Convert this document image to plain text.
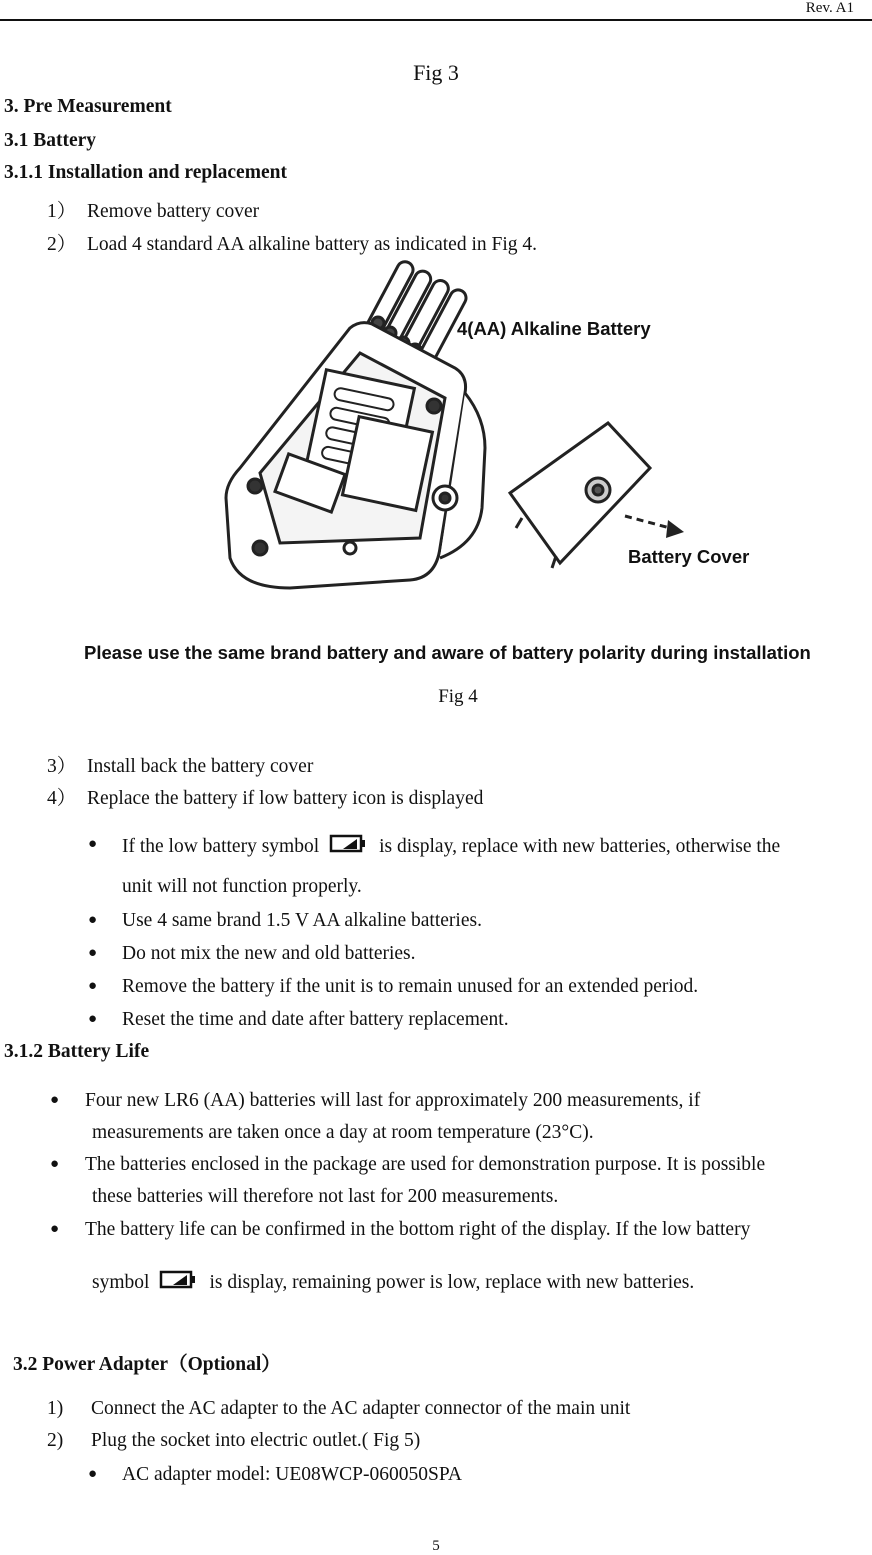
Rev. A1
Fig 3
3. Pre Measurement
3.1 Battery
3.1.1 Installation and replacement
1） Remove battery cover
2） Load 4 standard AA alkaline battery as indicated in Fig 4.
4(AA) Alkaline Battery
Battery Cover
Please use the same brand battery and aware of battery polarity during installation
Fig 4
3） Install back the battery cover
4） Replace the battery if low battery icon is displayed
● If the low battery symbol	is display, replace with new batteries, otherwise the
unit will not function properly.
● Use 4 same brand 1.5 V AA alkaline batteries.
● Do not mix the new and old batteries.
● Remove the battery if the unit is to remain unused for an extended period.
● Reset the time and date after battery replacement.
3.1.2 Battery Life
● Four new LR6 (AA) batteries will last for approximately 200 measurements, if
measurements are taken once a day at room temperature (23°C).
● The batteries enclosed in the package are used for demonstration purpose. It is possible
these batteries will therefore not last for 200 measurements.
● The battery life can be confirmed in the bottom right of the display. If the low battery
symbol	is display, remaining power is low, replace with new batteries.
3.2 Power Adapter（Optional）
1) Connect the AC adapter to the AC adapter connector of the main unit
2) Plug the socket into electric outlet.( Fig 5)
● AC adapter model: UE08WCP-060050SPA
5
